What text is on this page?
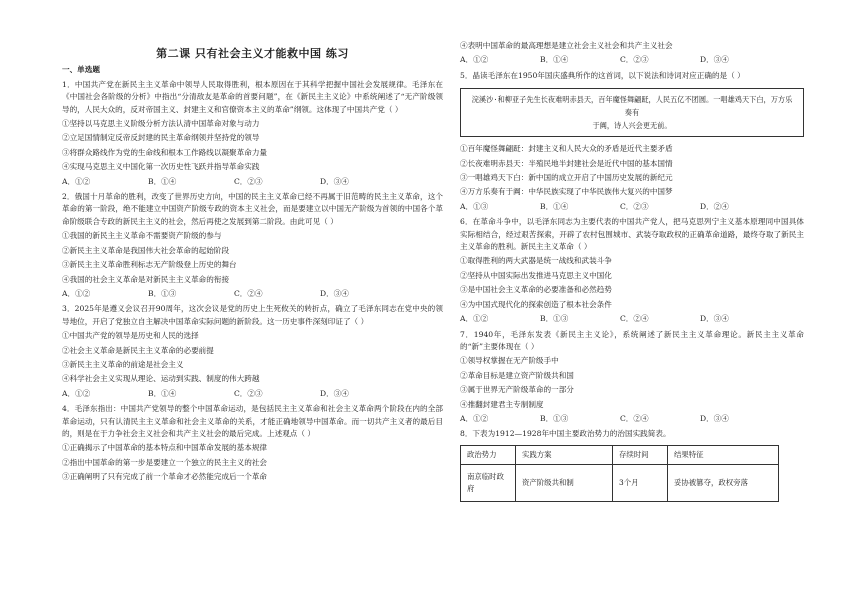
第二课 只有社会主义才能救中国 练习
一、单选题
1．中国共产党在新民主主义革命中领导人民取得胜利，根本原因在于其科学把握中国社会发展规律。毛泽东在《中国社会各阶级的分析》中指出“分清敌友是革命的首要问题”，在《新民主主义论》中系统阐述了“无产阶级领导的，人民大众的，反对帝国主义、封建主义和官僚资本主义的革命”纲领。这体现了中国共产党（ ）
①坚持以马克思主义阶级分析方法认清中国革命对象与动力
②立足国情制定反帝反封建的民主革命纲领并坚持党的领导
③将群众路线作为党的生命线和根本工作路线以凝聚革命力量
④实现马克思主义中国化第一次历史性飞跃并指导革命实践
A．①②	B．①④	C．②③	D．③④
2．俄国十月革命的胜利，改变了世界历史方向，中国的民主主义革命已经不再属于旧范畴的民主主义革命，这个革命的第一阶段，绝不能建立中国资产阶级专政的资本主义社会，而是要建立以中国无产阶级为首领的中国各个革命阶级联合专政的新民主主义的社会，然后再使之发展到第二阶段。由此可见（ ）
①我国的新民主主义革命不需要资产阶级的参与
②新民主主义革命是我国伟大社会革命的起始阶段
③新民主主义革命胜利标志无产阶级登上历史的舞台
④我国的社会主义革命是对新民主主义革命的衔接
A．①②	B．①③	C．②④	D．③④
3．2025年是遵义会议召开90周年，这次会议是党的历史上生死攸关的转折点，确立了毛泽东同志在党中央的领导地位，开启了党独立自主解决中国革命实际问题的新阶段。这一历史事件深刻印证了（ ）
①中国共产党的领导是历史和人民的选择
②社会主义革命是新民主主义革命的必要前提
③新民主主义革命的前途是社会主义
④科学社会主义实现从理论、运动到实践、制度的伟大跨越
A．①②	B．①④	C．②③	D．③④
4．毛泽东指出：中国共产党领导的整个中国革命运动，是包括民主主义革命和社会主义革命两个阶段在内的全部革命运动，只有认清民主主义革命和社会主义革命的关系，才能正确地领导中国革命。而一切共产主义者的最后目的，则是在于力争社会主义社会和共产主义社会的最后完成。上述观点（ ）
①正确揭示了中国革命的基本特点和中国革命发展的基本规律
②指出中国革命的第一步是要建立一个独立的民主主义的社会
③正确阐明了只有完成了前一个革命才必然能完成后一个革命
④表明中国革命的最高理想是建立社会主义社会和共产主义社会
A．①②	B．①④	C．②③	D．③④
5．晶读毛泽东在1950年国庆盛典所作的这首词，以下说法和诗词对应正确的是（ ）
浣溪沙·和柳亚子先生长夜难明赤县天，百年魔怪舞翩跹，人民五亿不团圆。一唱雄鸡天下白，万方乐奏有
于阗，诗人兴会更无前。
①百年魔怪舞翩跹：封建主义和人民大众的矛盾是近代主要矛盾
②长夜难明赤县天：半殖民地半封建社会是近代中国的基本国情
③一唱雄鸡天下白：新中国的成立开启了中国历史发展的新纪元
④万方乐奏有于阗：中华民族实现了中华民族伟大复兴的中国梦
A．①③	B．①④	C．②③	D．②④
6．在革命斗争中，以毛泽东同志为主要代表的中国共产党人，把马克思列宁主义基本原理同中国具体实际相结合，经过艰苦探索，开辟了农村包围城市、武装夺取政权的正确革命道路，最终夺取了新民主主义革命的胜利。新民主主义革命（ ）
①取得胜利的两大武器是统一战线和武装斗争
②坚持从中国实际出发推进马克思主义中国化
③是中国社会主义革命的必要准备和必然趋势
④为中国式现代化的探索创造了根本社会条件
A．①②	B．①③	C．②④	D．③④
7．1940年，毛泽东发表《新民主主义论》，系统阐述了新民主主义革命理论。新民主主义革命的“新”主要体现在（ ）
①领导权掌握在无产阶级手中
②革命目标是建立资产阶级共和国
③属于世界无产阶级革命的一部分
④推翻封建君主专制制度
A．①②	B．①③	C．②④	D．③④
8．下表为1912—1928年中国主要政治势力的治国实践简表。
政治势力	实践方案	存续时间	结果特征
南京临时政府	资产阶级共和制	3个月	妥协被篡夺，政权旁落
